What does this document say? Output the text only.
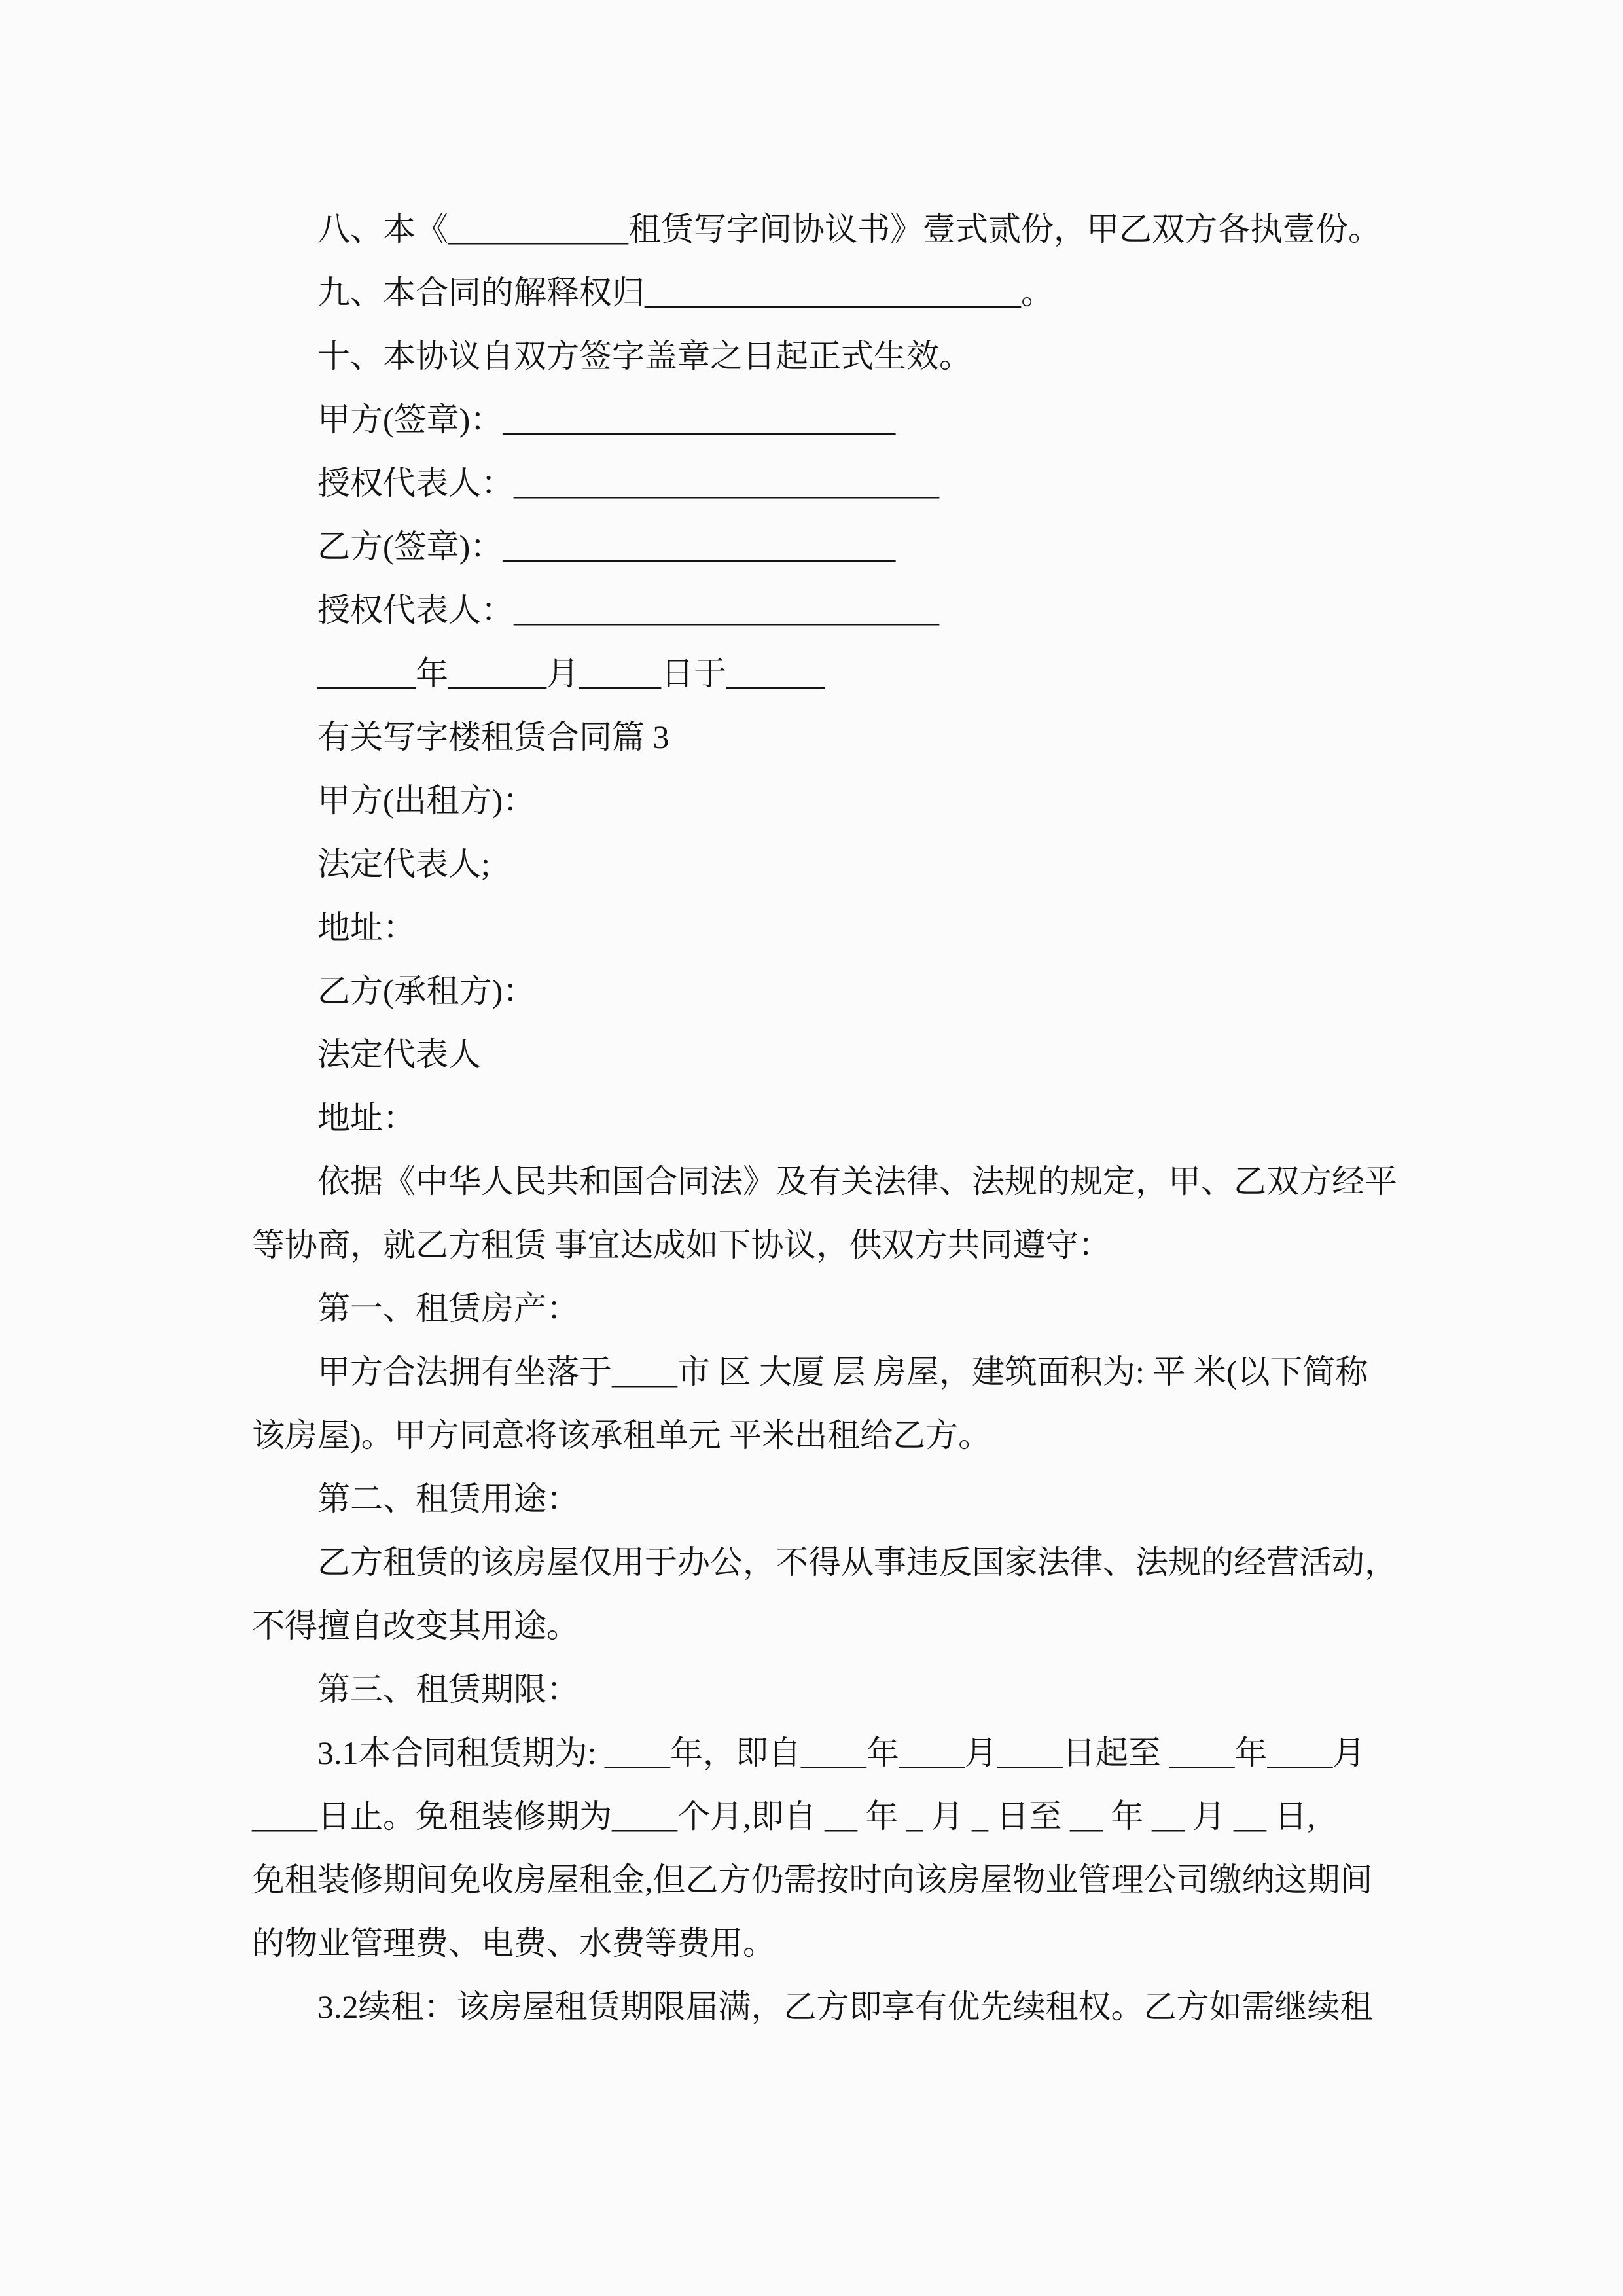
八、本《___________租赁写字间协议书》壹式贰份，甲乙双方各执壹份。
九、本合同的解释权归_______________________。
十、本协议自双方签字盖章之日起正式生效。
甲方(签章)：________________________
授权代表人：__________________________
乙方(签章)：________________________
授权代表人：__________________________
______年______月_____日于______
有关写字楼租赁合同篇 3
甲方(出租方)：
法定代表人;
地址：
乙方(承租方)：
法定代表人
地址：
依据《中华人民共和国合同法》及有关法律、法规的规定，甲、乙双方经平
等协商，就乙方租赁 事宜达成如下协议，供双方共同遵守：
第一、租赁房产：
甲方合法拥有坐落于____市 区 大厦 层 房屋，建筑面积为: 平 米(以下简称
该房屋)。甲方同意将该承租单元 平米出租给乙方。
第二、租赁用途：
乙方租赁的该房屋仅用于办公，不得从事违反国家法律、法规的经营活动，
不得擅自改变其用途。
第三、租赁期限：
3.1本合同租赁期为: ____年，即自____年____月____日起至 ____年____月
____日止。免租装修期为____个月,即自 __ 年 _ 月 _ 日至 __ 年 __ 月 __ 日,
免租装修期间免收房屋租金,但乙方仍需按时向该房屋物业管理公司缴纳这期间
的物业管理费、电费、水费等费用。
3.2续租：该房屋租赁期限届满，乙方即享有优先续租权。乙方如需继续租
